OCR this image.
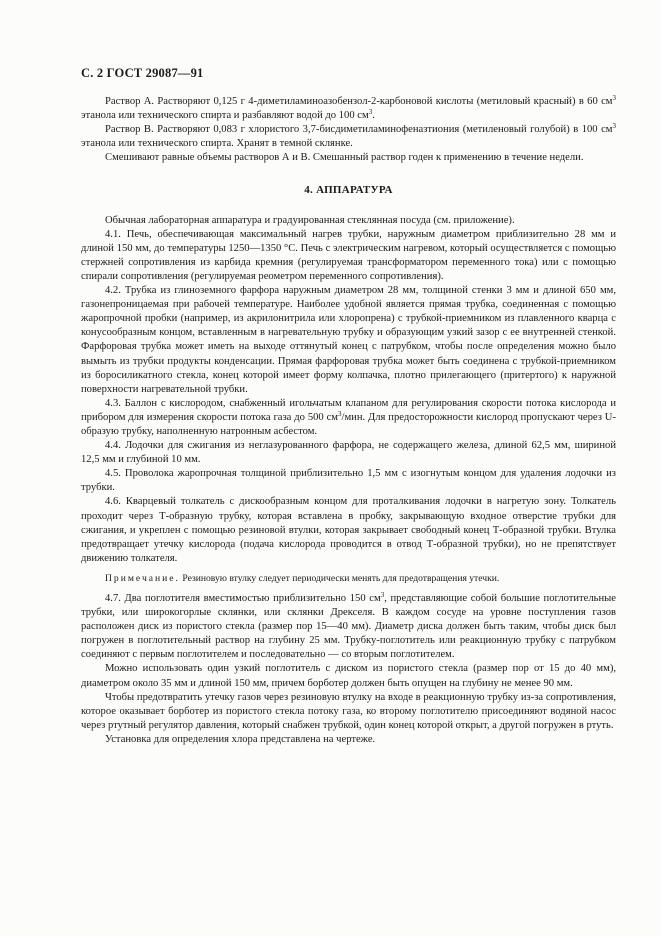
С. 2 ГОСТ 29087—91

Раствор А. Растворяют 0,125 г 4-диметиламиноазобензол-2-карбоновой кислоты (метиловый красный) в 60 $см^3$ этанола или технического спирта и разбавляют водой до 100 $см^3$.

Раствор В. Растворяют 0,083 г хлористого 3,7-бисдиметиламинофеназтиония (метиленовый голубой) в 100 $см^3$ этанола или технического спирта. Хранят в темной склянке.

Смешивают равные объемы растворов А и В. Смешанный раствор годен к применению в течение недели.

4. АППАРАТУРА

Обычная лабораторная аппаратура и градуированная стеклянная посуда (см. приложение).

4.1. Печь, обеспечивающая максимальный нагрев трубки, наружным диаметром приблизительно 28 мм и длиной 150 мм, до температуры 1250—1350 °С. Печь с электрическим нагревом, который осуществляется с помощью стержней сопротивления из карбида кремния (регулируемая трансформатором переменного тока) или с помощью спирали сопротивления (регулируемая реометром переменного сопротивления).

4.2. Трубка из глиноземного фарфора наружным диаметром 28 мм, толщиной стенки 3 мм и длиной 650 мм, газонепроницаемая при рабочей температуре. Наиболее удобной является прямая трубка, соединенная с помощью жаропрочной пробки (например, из акрилонитрила или хлоропрена) с трубкой-приемником из плавленного кварца с конусообразным концом, вставленным в нагревательную трубку и образующим узкий зазор с ее внутренней стенкой. Фарфоровая трубка может иметь на выходе оттянутый конец с патрубком, чтобы после определения можно было вымыть из трубки продукты конденсации. Прямая фарфоровая трубка может быть соединена с трубкой-приемником из боросиликатного стекла, конец которой имеет форму колпачка, плотно прилегающего (притертого) к наружной поверхности нагревательной трубки.

4.3. Баллон с кислородом, снабженный игольчатым клапаном для регулирования скорости потока кислорода и прибором для измерения скорости потока газа до 500 $см^3$/мин. Для предосторожности кислород пропускают через U-образую трубку, наполненную натронным асбестом.

4.4. Лодочки для сжигания из неглазурованного фарфора, не содержащего железа, длиной 62,5 мм, шириной 12,5 мм и глубиной 10 мм.

4.5. Проволока жаропрочная толщиной приблизительно 1,5 мм с изогнутым концом для удаления лодочки из трубки.

4.6. Кварцевый толкатель с дискообразным концом для проталкивания лодочки в нагретую зону. Толкатель проходит через Т-образную трубку, которая вставлена в пробку, закрывающую входное отверстие трубки для сжигания, и укреплен с помощью резиновой втулки, которая закрывает свободный конец Т-образной трубки. Втулка предотвращает утечку кислорода (подача кислорода проводится в отвод Т-образной трубки), но не препятствует движению толкателя.

Примечание. Резиновую втулку следует периодически менять для предотвращения утечки.

4.7. Два поглотителя вместимостью приблизительно 150 $см^3$, представляющие собой большие поглотительные трубки, или широкогорлые склянки, или склянки Дрекселя. В каждом сосуде на уровне поступления газов расположен диск из пористого стекла (размер пор 15—40 мм). Диаметр диска должен быть таким, чтобы диск был погружен в поглотительный раствор на глубину 25 мм. Трубку-поглотитель или реакционную трубку с патрубком соединяют с первым поглотителем и последовательно — со вторым поглотителем.

Можно использовать один узкий поглотитель с диском из пористого стекла (размер пор от 15 до 40 мм), диаметром около 35 мм и длиной 150 мм, причем борботер должен быть опущен на глубину не менее 90 мм.

Чтобы предотвратить утечку газов через резиновую втулку на входе в реакционную трубку из-за сопротивления, которое оказывает борботер из пористого стекла потоку газа, ко второму поглотителю присоединяют водяной насос через ртутный регулятор давления, который снабжен трубкой, один конец которой открыт, а другой погружен в ртуть.

Установка для определения хлора представлена на чертеже.
